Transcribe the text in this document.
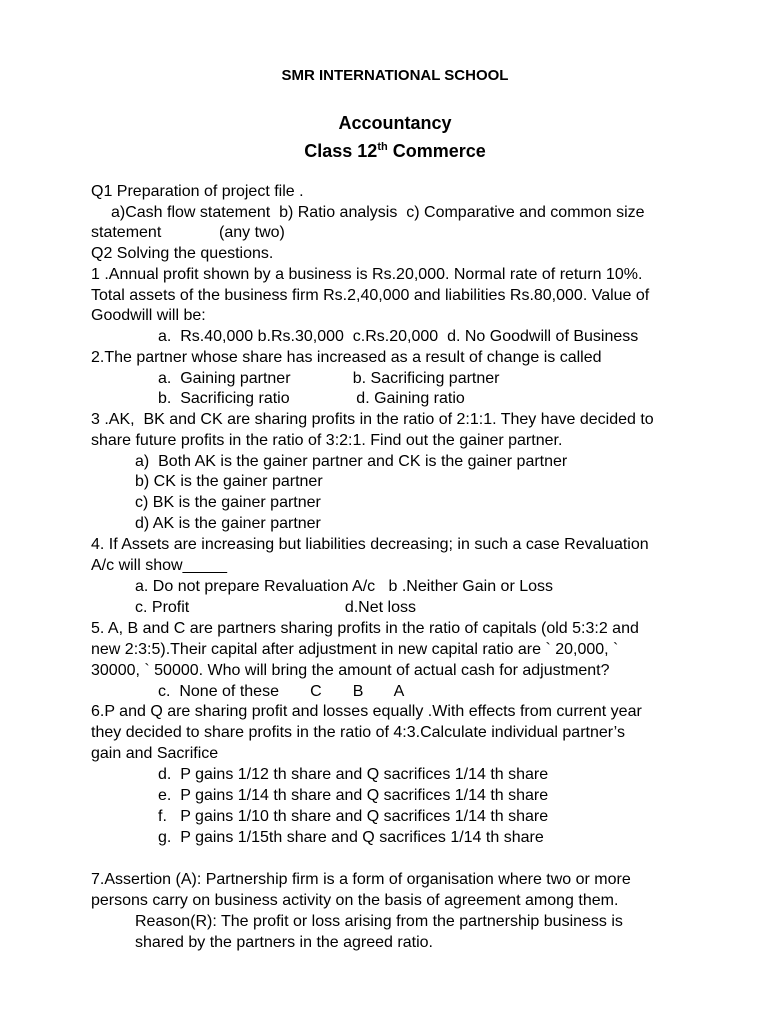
SMR INTERNATIONAL SCHOOL
Accountancy
Class 12th Commerce
Q1 Preparation of project file .
a)Cash flow statement  b) Ratio analysis  c) Comparative and common size
statement             (any two)
Q2 Solving the questions.
1 .Annual profit shown by a business is Rs.20,000. Normal rate of return 10%.
Total assets of the business firm Rs.2,40,000 and liabilities Rs.80,000. Value of
Goodwill will be:
a.  Rs.40,000 b.Rs.30,000  c.Rs.20,000  d. No Goodwill of Business
2.The partner whose share has increased as a result of change is called
a.  Gaining partner              b. Sacrificing partner
b.  Sacrificing ratio               d. Gaining ratio
3 .AK,  BK and CK are sharing profits in the ratio of 2:1:1. They have decided to
share future profits in the ratio of 3:2:1. Find out the gainer partner.
a)  Both AK is the gainer partner and CK is the gainer partner
b) CK is the gainer partner
c) BK is the gainer partner
d) AK is the gainer partner
4. If Assets are increasing but liabilities decreasing; in such a case Revaluation
A/c will show_____
a. Do not prepare Revaluation A/c   b .Neither Gain or Loss
c. Profit                                   d.Net loss
5. A, B and C are partners sharing profits in the ratio of capitals (old 5:3:2 and
new 2:3:5).Their capital after adjustment in new capital ratio are ` 20,000, `
30000, ` 50000. Who will bring the amount of actual cash for adjustment?
c.  None of these       C       B       A
6.P and Q are sharing profit and losses equally .With effects from current year
they decided to share profits in the ratio of 4:3.Calculate individual partner’s
gain and Sacrifice
d.  P gains 1/12 th share and Q sacrifices 1/14 th share
e.  P gains 1/14 th share and Q sacrifices 1/14 th share
f.   P gains 1/10 th share and Q sacrifices 1/14 th share
g.  P gains 1/15th share and Q sacrifices 1/14 th share
7.Assertion (A): Partnership firm is a form of organisation where two or more
persons carry on business activity on the basis of agreement among them.
Reason(R): The profit or loss arising from the partnership business is
shared by the partners in the agreed ratio.
